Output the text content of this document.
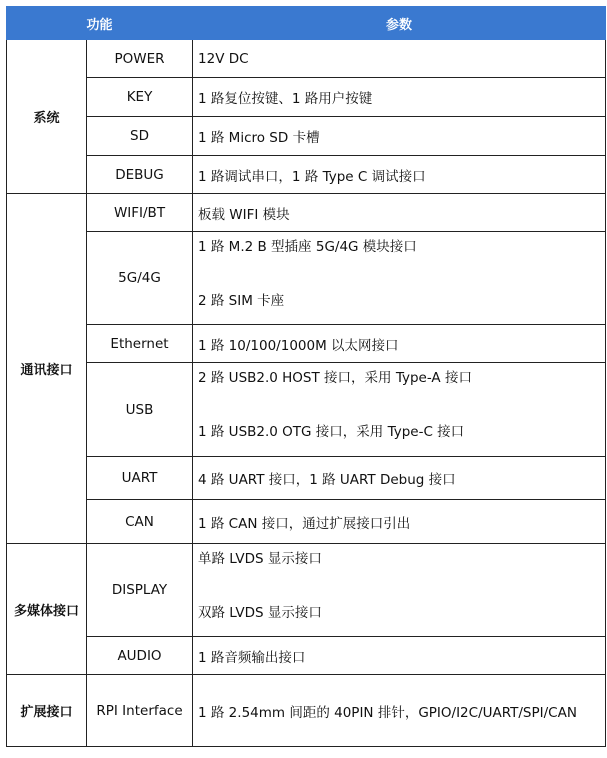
功能		参数
系统	POWER	12V DC
	KEY	1 路复位按键、1 路用户按键
	SD	1 路 Micro SD 卡槽
	DEBUG	1 路调试串口，1 路 Type C 调试接口
通讯接口	WIFI/BT	板载 WIFI 模块
	5G/4G	1 路 M.2 B 型插座 5G/4G 模块接口
2 路 SIM 卡座

	Ethernet	1 路 10/100/1000M 以太网接口
	USB	2 路 USB2.0 HOST 接口，采用 Type-A 接口
1 路 USB2.0 OTG 接口，采用 Type-C 接口

	UART	4 路 UART 接口，1 路 UART Debug 接口
	CAN	1 路 CAN 接口，通过扩展接口引出
多媒体接口	DISPLAY	单路 LVDS 显示接口
双路 LVDS 显示接口

	AUDIO	1 路音频输出接口
扩展接口	RPI Interface	1 路 2.54mm 间距的 40PIN 排针，GPIO/I2C/UART/SPI/CAN
